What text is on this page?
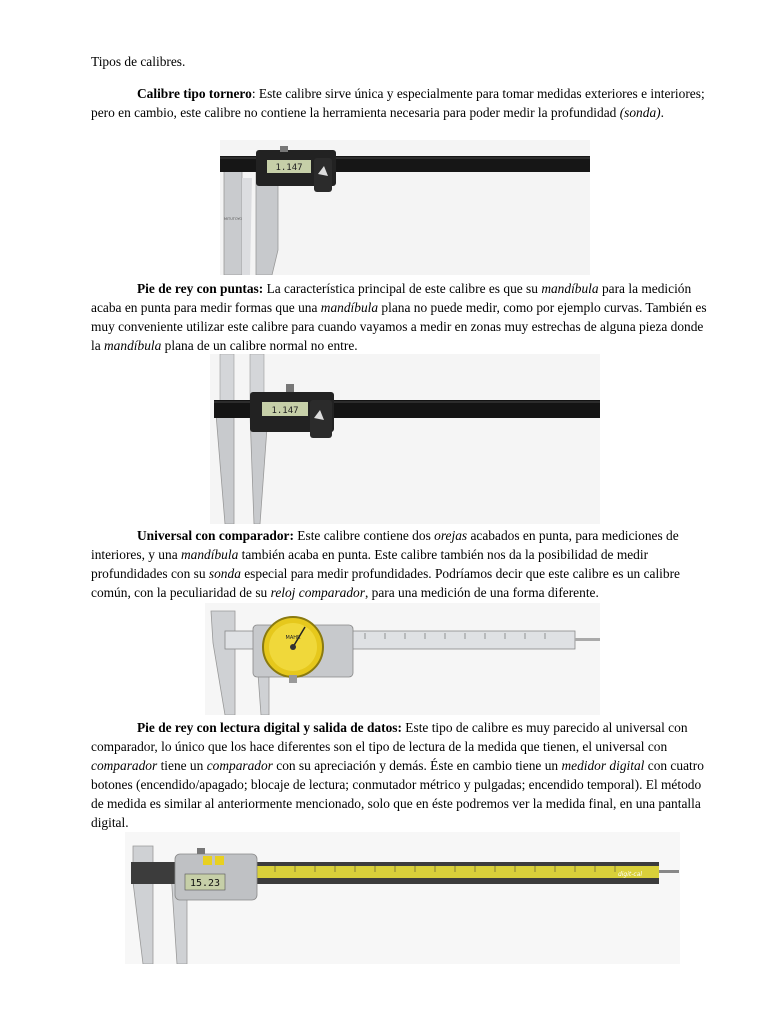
Tipos de calibres.

Calibre tipo tornero: Este calibre sirve única y especialmente para tomar medidas exteriores e interiores; pero en cambio, este calibre no contiene la herramienta necesaria para poder medir la profundidad (sonda).

1.147
MITUTOYO

Pie de rey con puntas: La característica principal de este calibre es que su mandíbula para la medición acaba en punta para medir formas que una mandíbula plana no puede medir, como por ejemplo curvas. También es muy conveniente utilizar este calibre para cuando vayamos a medir en zonas muy estrechas de alguna pieza donde la mandíbula plana de un calibre normal no entre.

1.147

Universal con comparador: Este calibre contiene dos orejas acabados en punta, para mediciones de interiores, y una mandíbula también acaba en punta. Este calibre también nos da la posibilidad de medir profundidades con su sonda especial para medir profundidades. Podríamos decir que este calibre es un calibre común, con la peculiaridad de su reloj comparador, para una medición de una forma diferente.

MAHR

Pie de rey con lectura digital y salida de datos: Este tipo de calibre es muy parecido al universal con comparador, lo único que los hace diferentes son el tipo de lectura de la medida que tienen, el universal con comparador tiene un comparador con su apreciación y demás. Éste en cambio tiene un medidor digital con cuatro botones (encendido/apagado; blocaje de lectura; conmutador métrico y pulgadas; encendido temporal). El método de medida es similar al anteriormente mencionado, solo que en éste podremos ver la medida final, en una pantalla digital.

digit-cal
15.23
